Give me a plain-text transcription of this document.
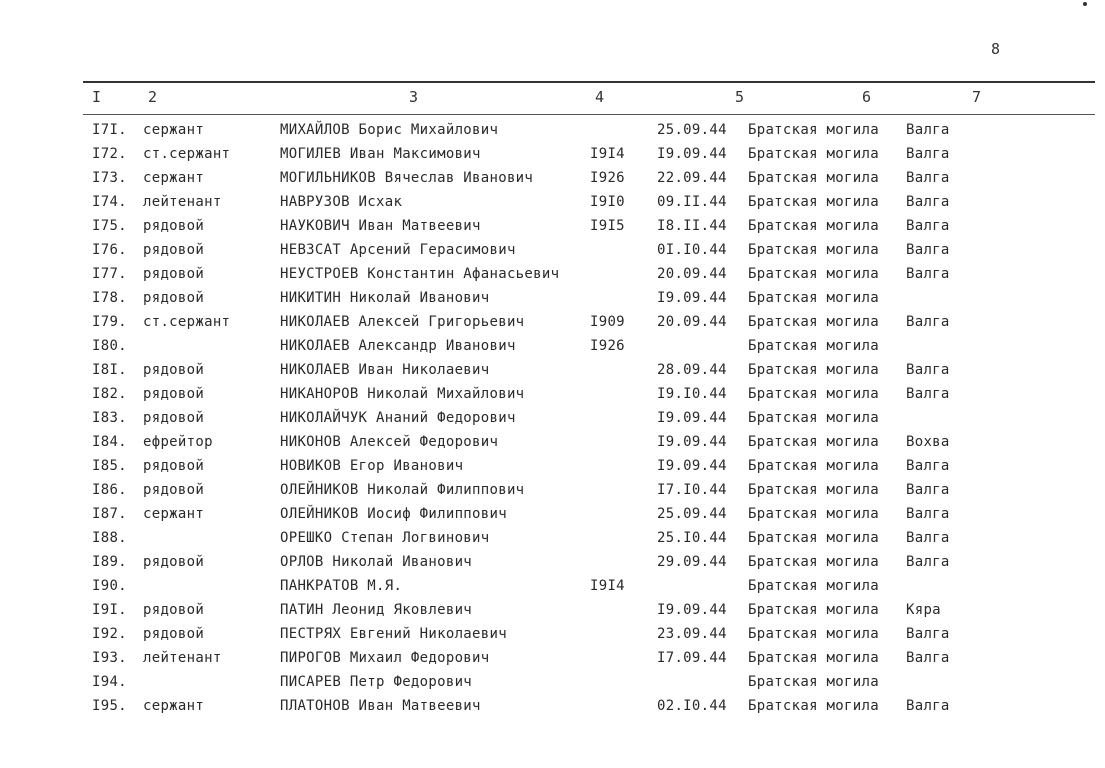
8
I	2	3	4	5	6	7
I7I. сержант	МИХАЙЛОВ Борис Михайлович	25.09.44 Братская могила Валга
I72. ст.сержант	МОГИЛЕВ Иван Максимович	I9I4 I9.09.44 Братская могила Валга
I73. сержант	МОГИЛЬНИКОВ Вячеслав Иванович	I926 22.09.44 Братская могила Валга
I74. лейтенант	НАВРУЗОВ Исхак	I9I0 09.II.44 Братская могила Валга
I75. рядовой	НАУКОВИЧ Иван Матвеевич	I9I5 I8.II.44 Братская могила Валга
I76. рядовой	НЕВЗСАТ Арсений Герасимович	0I.I0.44 Братская могила Валга
I77. рядовой	НЕУСТРОЕВ Константин Афанасьевич	20.09.44 Братская могила Валга
I78. рядовой	НИКИТИН Николай Иванович	I9.09.44 Братская могила
I79. ст.сержант	НИКОЛАЕВ Алексей Григорьевич	I909 20.09.44 Братская могила Валга
I80.	НИКОЛАЕВ Александр Иванович	I926	Братская могила
I8I. рядовой	НИКОЛАЕВ Иван Николаевич	28.09.44 Братская могила Валга
I82. рядовой	НИКАНОРОВ Николай Михайлович	I9.I0.44 Братская могила Валга
I83. рядовой	НИКОЛАЙЧУК Ананий Федорович	I9.09.44 Братская могила
I84. ефрейтор	НИКОНОВ Алексей Федорович	I9.09.44 Братская могила Вохва
I85. рядовой	НОВИКОВ Егор Иванович	I9.09.44 Братская могила Валга
I86. рядовой	ОЛЕЙНИКОВ Николай Филиппович	I7.I0.44 Братская могила Валга
I87. сержант	ОЛЕЙНИКОВ Иосиф Филиппович	25.09.44 Братская могила Валга
I88.	ОРЕШКО Степан Логвинович	25.I0.44 Братская могила Валга
I89. рядовой	ОРЛОВ Николай Иванович	29.09.44 Братская могила Валга
I90.	ПАНКРАТОВ М.Я.	I9I4	Братская могила
I9I. рядовой	ПАТИН Леонид Яковлевич	I9.09.44 Братская могила Кяра
I92. рядовой	ПЕСТРЯХ Евгений Николаевич	23.09.44 Братская могила Валга
I93. лейтенант	ПИРОГОВ Михаил Федорович	I7.09.44 Братская могила Валга
I94.	ПИСАРЕВ Петр Федорович	Братская могила
I95. сержант	ПЛАТОНОВ Иван Матвеевич	02.I0.44 Братская могила Валга
